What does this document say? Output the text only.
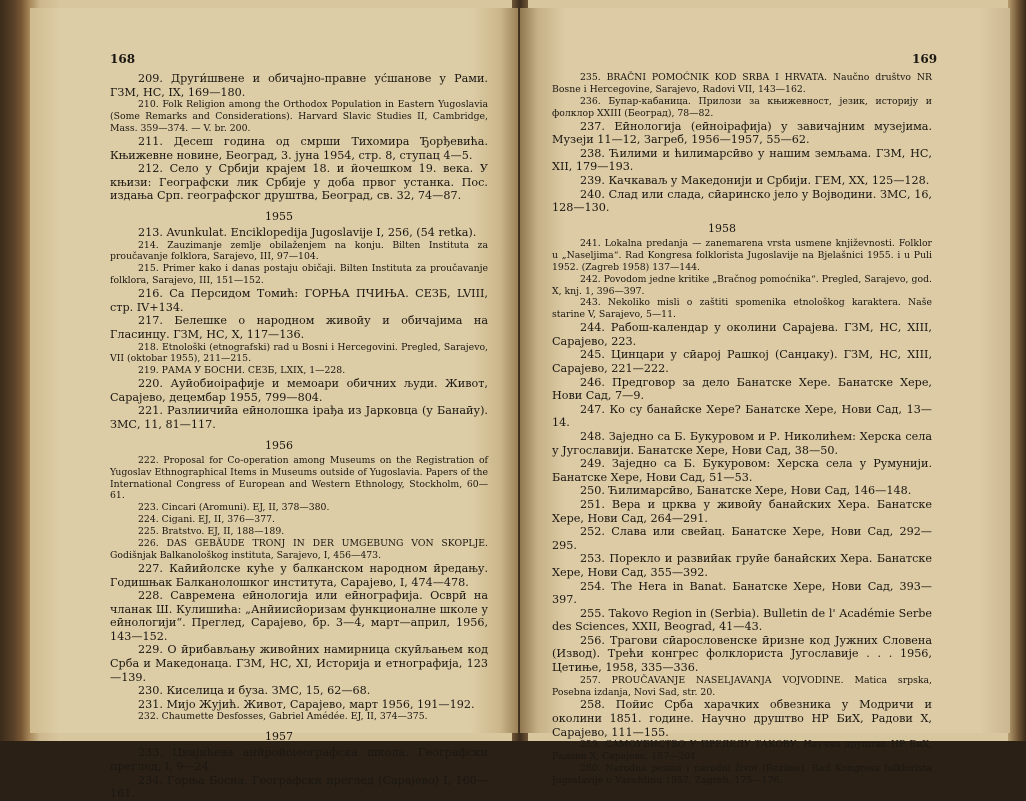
168

209. Други́швене и обичајно-правне ус́шанове у Рами. ГЗМ, НС, IX, 169—180.

210. Folk Religion among the Orthodox Population in Eastern Yugoslavia (Some Remarks and Considerations). Harvard Slavic Studies II, Cambridge, Mass. 359—374. — V. br. 200.

211. Десеш година од смрши Тихомира Ђорђевића. Књижевне новине, Београд, 3. јуна 1954, стр. 8, ступац 4—5.

212. Село у Србији крајем 18. и йочешком 19. века. У књизи: Географски лик Србије у доба првог устанка. Пос. издања Срп. географског друштва, Београд, св. 32, 74—87.

1955

213. Avunkulat. Enciklopedija Jugoslavije I, 256, (54 retka).

214. Zauzimanje zemlje obilaženjem na konju. Bilten Instituta za proučavanje folklora, Sarajevo, III, 97—104.

215. Primer kako i danas postaju običaji. Bilten Instituta za proučavanje folklora, Sarajevo, III, 151—152.

216. Са Персидом Томић: ГОРЊА ПЧИЊА. СЕЗБ, LVIII, стр. IV+134.

217. Белешке о народном живоӣу и обичајима на Гласинцу. ГЗМ, НС, X, 117—136.

218. Etnološki (etnografski) rad u Bosni i Hercegovini. Pregled, Sarajevo, VII (oktobar 1955), 211—215.

219. РАМА У БОСНИ. СЕЗБ, LXIX, 1—228.

220. Ауӣобиоірафије и мемоари обичних људи. Живот, Сарајево, децембар 1955, 799—804.

221. Разлиичиӣа еӣнолошка ірађа из Јарковца (у Банаӣу). ЗМС, 11, 81—117.

1956

222. Proposal for Co-operation among Museums on the Registration of Yugoslav Ethnographical Items in Museums outside of Yugoslavia. Papers of the International Congress of European and Western Ethnology, Stockholm, 60—61.

223. Cincari (Aromuni). EJ, II, 378—380.

224. Cigani. EJ, II, 376—377.

225. Bratstvo. EJ, II, 188—189.

226. DAS GEBÄUDE TRONJ IN DER UMGEBUNG VON SKOPLJE. Godišnjak Balkanološkog instituta, Sarajevo, I, 456—473.

227. Каӣиӣолске кућe у балканском народном ӣредању. Годишњак Балканолошког института, Сарајево, I, 474—478.

228. Савремена еӣнологија или еӣнографија. Осврӣ на чланак Ш. Кулишића: „Анӣиисӣоризам функционалне школе у еӣнологији“. Преглед, Сарајево, бр. 3—4, март—април, 1956, 143—152.

229. О ӣрибављању живоӣних намирница скуӣљањем код Срба и Македонаца. ГЗМ, НС, XI, Историја и етнографија, 123—139.

230. Киселица и буза. ЗМС, 15, 62—68.

231. Мијо Жујић. Живот, Сарајево, март 1956, 191—192.

232. Chaumette Desfosses, Gabriel Amédée. EJ, II, 374—375.

1957

233. Цвијићева анӣроӣоіеографска школа. Географски преглед, I, 9—24.

234. Горња Босна. Географски преглед (Сарајево) I, 160—161.

169

235. BRAČNI POMOĆNIK KOD SRBA I HRVATA. Naučno društvo NR Bosne i Hercegovine, Sarajevo, Radovi VII, 143—162.

236. Бупар-кабаница. Прилози за књижевност, језик, историју и фолклор XXIII (Београд), 78—82.

237. Еӣнологија (еӣноірафија) у завичајним музејима. Музеји 11—12, Загреб, 1956—1957, 55—62.

238. Ћилими и ћилимарсӣво у нашим земљама. ГЗМ, НС, XII, 179—193.

239. Качкаваљ у Македонији и Србији. ГЕМ, XX, 125—128.

240. Слад или слада, сӣаринско јело у Војводини. ЗМС, 16, 128—130.

1958

241. Lokalna predanja — zanemarena vrsta usmene književnosti. Folklor u „Naseljima“. Rad Kongresa folklorista Jugoslavije na Bjelašnici 1955. i u Puli 1952. (Zagreb 1958) 137—144.

242. Povodom jedne kritike „Bračnog pomoćnika“. Pregled, Sarajevo, god. X, knj. 1, 396—397.

243. Nekoliko misli o zaštiti spomenika etnološkog karaktera. Naše starine V, Sarajevo, 5—11.

244. Рабош-календар у околини Сарајева. ГЗМ, НС, XIII, Сарајево, 223.

245. Цинцари у сӣарој Рашкој (Санџаку). ГЗМ, НС, XIII, Сарајево, 221—222.

246. Предговор за дело Банатске Хере. Банатске Хере, Нови Сад, 7—9.

247. Ко су банаӣске Хере? Банатске Хере, Нови Сад, 13—14.

248. Заједно са Б. Букуровом и Р. Николићем: Херска села у Југославији. Банатске Хере, Нови Сад, 38—50.

249. Заједно са Б. Букуровом: Херска села у Румунији. Банатске Хере, Нови Сад, 51—53.

250. Ћилимарсӣво, Банатске Хере, Нови Сад, 146—148.

251. Вера и црква у живоӣу банаӣских Хера. Банатске Хере, Нови Сад, 264—291.

252. Слава или свеӣац. Банатске Хере, Нови Сад, 292—295.

253. Пореклo и развиӣак груӣе банаӣских Хера. Банатске Хере, Нови Сад, 355—392.

254. The Hera in Banat. Банатске Хере, Нови Сад, 393—397.

255. Takovo Region in (Serbia). Bulletin de l' Académie Serbe des Sciences, XXII, Beograd, 41—43.

256. Трагови сӣаросл‌овенске ӣризне код Јужних Словена (Извод). Трећи конгрес фолклориста Југославије . . . 1956, Цетиње, 1958, 335—336.

257. PROUČAVANJE NASELJAVANJA VOJVODINE. Matica srpska, Posebna izdanja, Novi Sad, str. 20.

258. Пойис Срба харачких обвезника у Модричи и околини 1851. године. Научно друштво НР БиХ, Радови X, Сарајево, 111—155.

259. САМОУБИСТВО У ПРЕДЕЛУ ТАКОВУ. Научно друштво НР БиХ, Радови X, Сарајево, 157—201.

260. Narodna pesma i narodni život (Rezime). Rad Kongresa folklorista Jugoslavije u Varaždinu 1957, Zagreb, 175—176.
